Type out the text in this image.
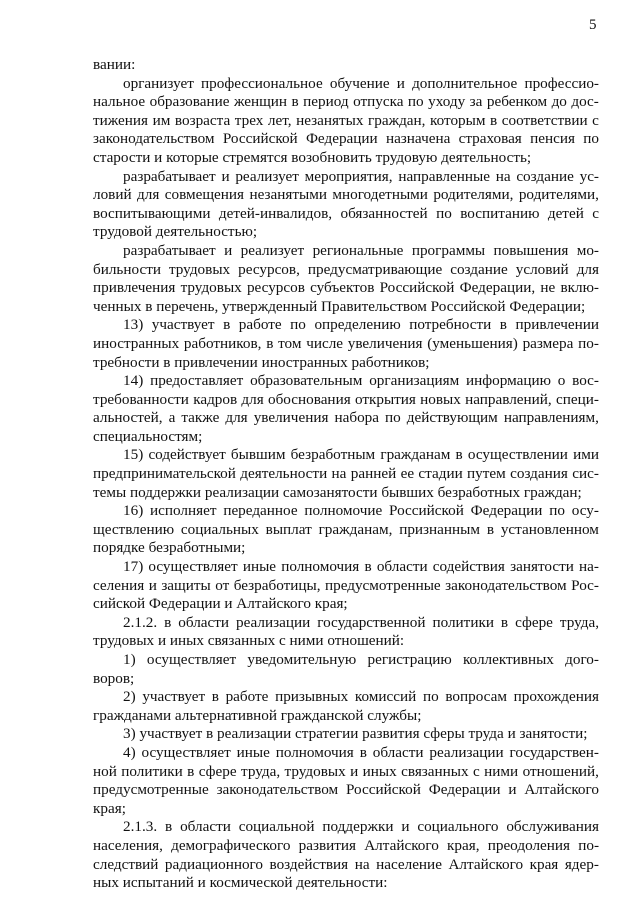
5
вании:
организует профессиональное обучение и дополнительное профессио-
нальное образование женщин в период отпуска по уходу за ребенком до дос-
тижения им возраста трех лет, незанятых граждан, которым в соответствии с
законодательством Российской Федерации назначена страховая пенсия по
старости и которые стремятся возобновить трудовую деятельность;
разрабатывает и реализует мероприятия, направленные на создание ус-
ловий для совмещения незанятыми многодетными родителями, родителями,
воспитывающими детей-инвалидов, обязанностей по воспитанию детей с
трудовой деятельностью;
разрабатывает и реализует региональные программы повышения мо-
бильности трудовых ресурсов, предусматривающие создание условий для
привлечения трудовых ресурсов субъектов Российской Федерации, не вклю-
ченных в перечень, утвержденный Правительством Российской Федерации;
13) участвует в работе по определению потребности в привлечении
иностранных работников, в том числе увеличения (уменьшения) размера по-
требности в привлечении иностранных работников;
14) предоставляет образовательным организациям информацию о вос-
требованности кадров для обоснования открытия новых направлений, специ-
альностей, а также для увеличения набора по действующим направлениям,
специальностям;
15) содействует бывшим безработным гражданам в осуществлении ими
предпринимательской деятельности на ранней ее стадии путем создания сис-
темы поддержки реализации самозанятости бывших безработных граждан;
16) исполняет переданное полномочие Российской Федерации по осу-
ществлению социальных выплат гражданам, признанным в установленном
порядке безработными;
17) осуществляет иные полномочия в области содействия занятости на-
селения и защиты от безработицы, предусмотренные законодательством Рос-
сийской Федерации и Алтайского края;
2.1.2. в области реализации государственной политики в сфере труда,
трудовых и иных связанных с ними отношений:
1) осуществляет уведомительную регистрацию коллективных дого-
воров;
2) участвует в работе призывных комиссий по вопросам прохождения
гражданами альтернативной гражданской службы;
3) участвует в реализации стратегии развития сферы труда и занятости;
4) осуществляет иные полномочия в области реализации государствен-
ной политики в сфере труда, трудовых и иных связанных с ними отношений,
предусмотренные законодательством Российской Федерации и Алтайского
края;
2.1.3. в области социальной поддержки и социального обслуживания
населения, демографического развития Алтайского края, преодоления по-
следствий радиационного воздействия на население Алтайского края ядер-
ных испытаний и космической деятельности:
